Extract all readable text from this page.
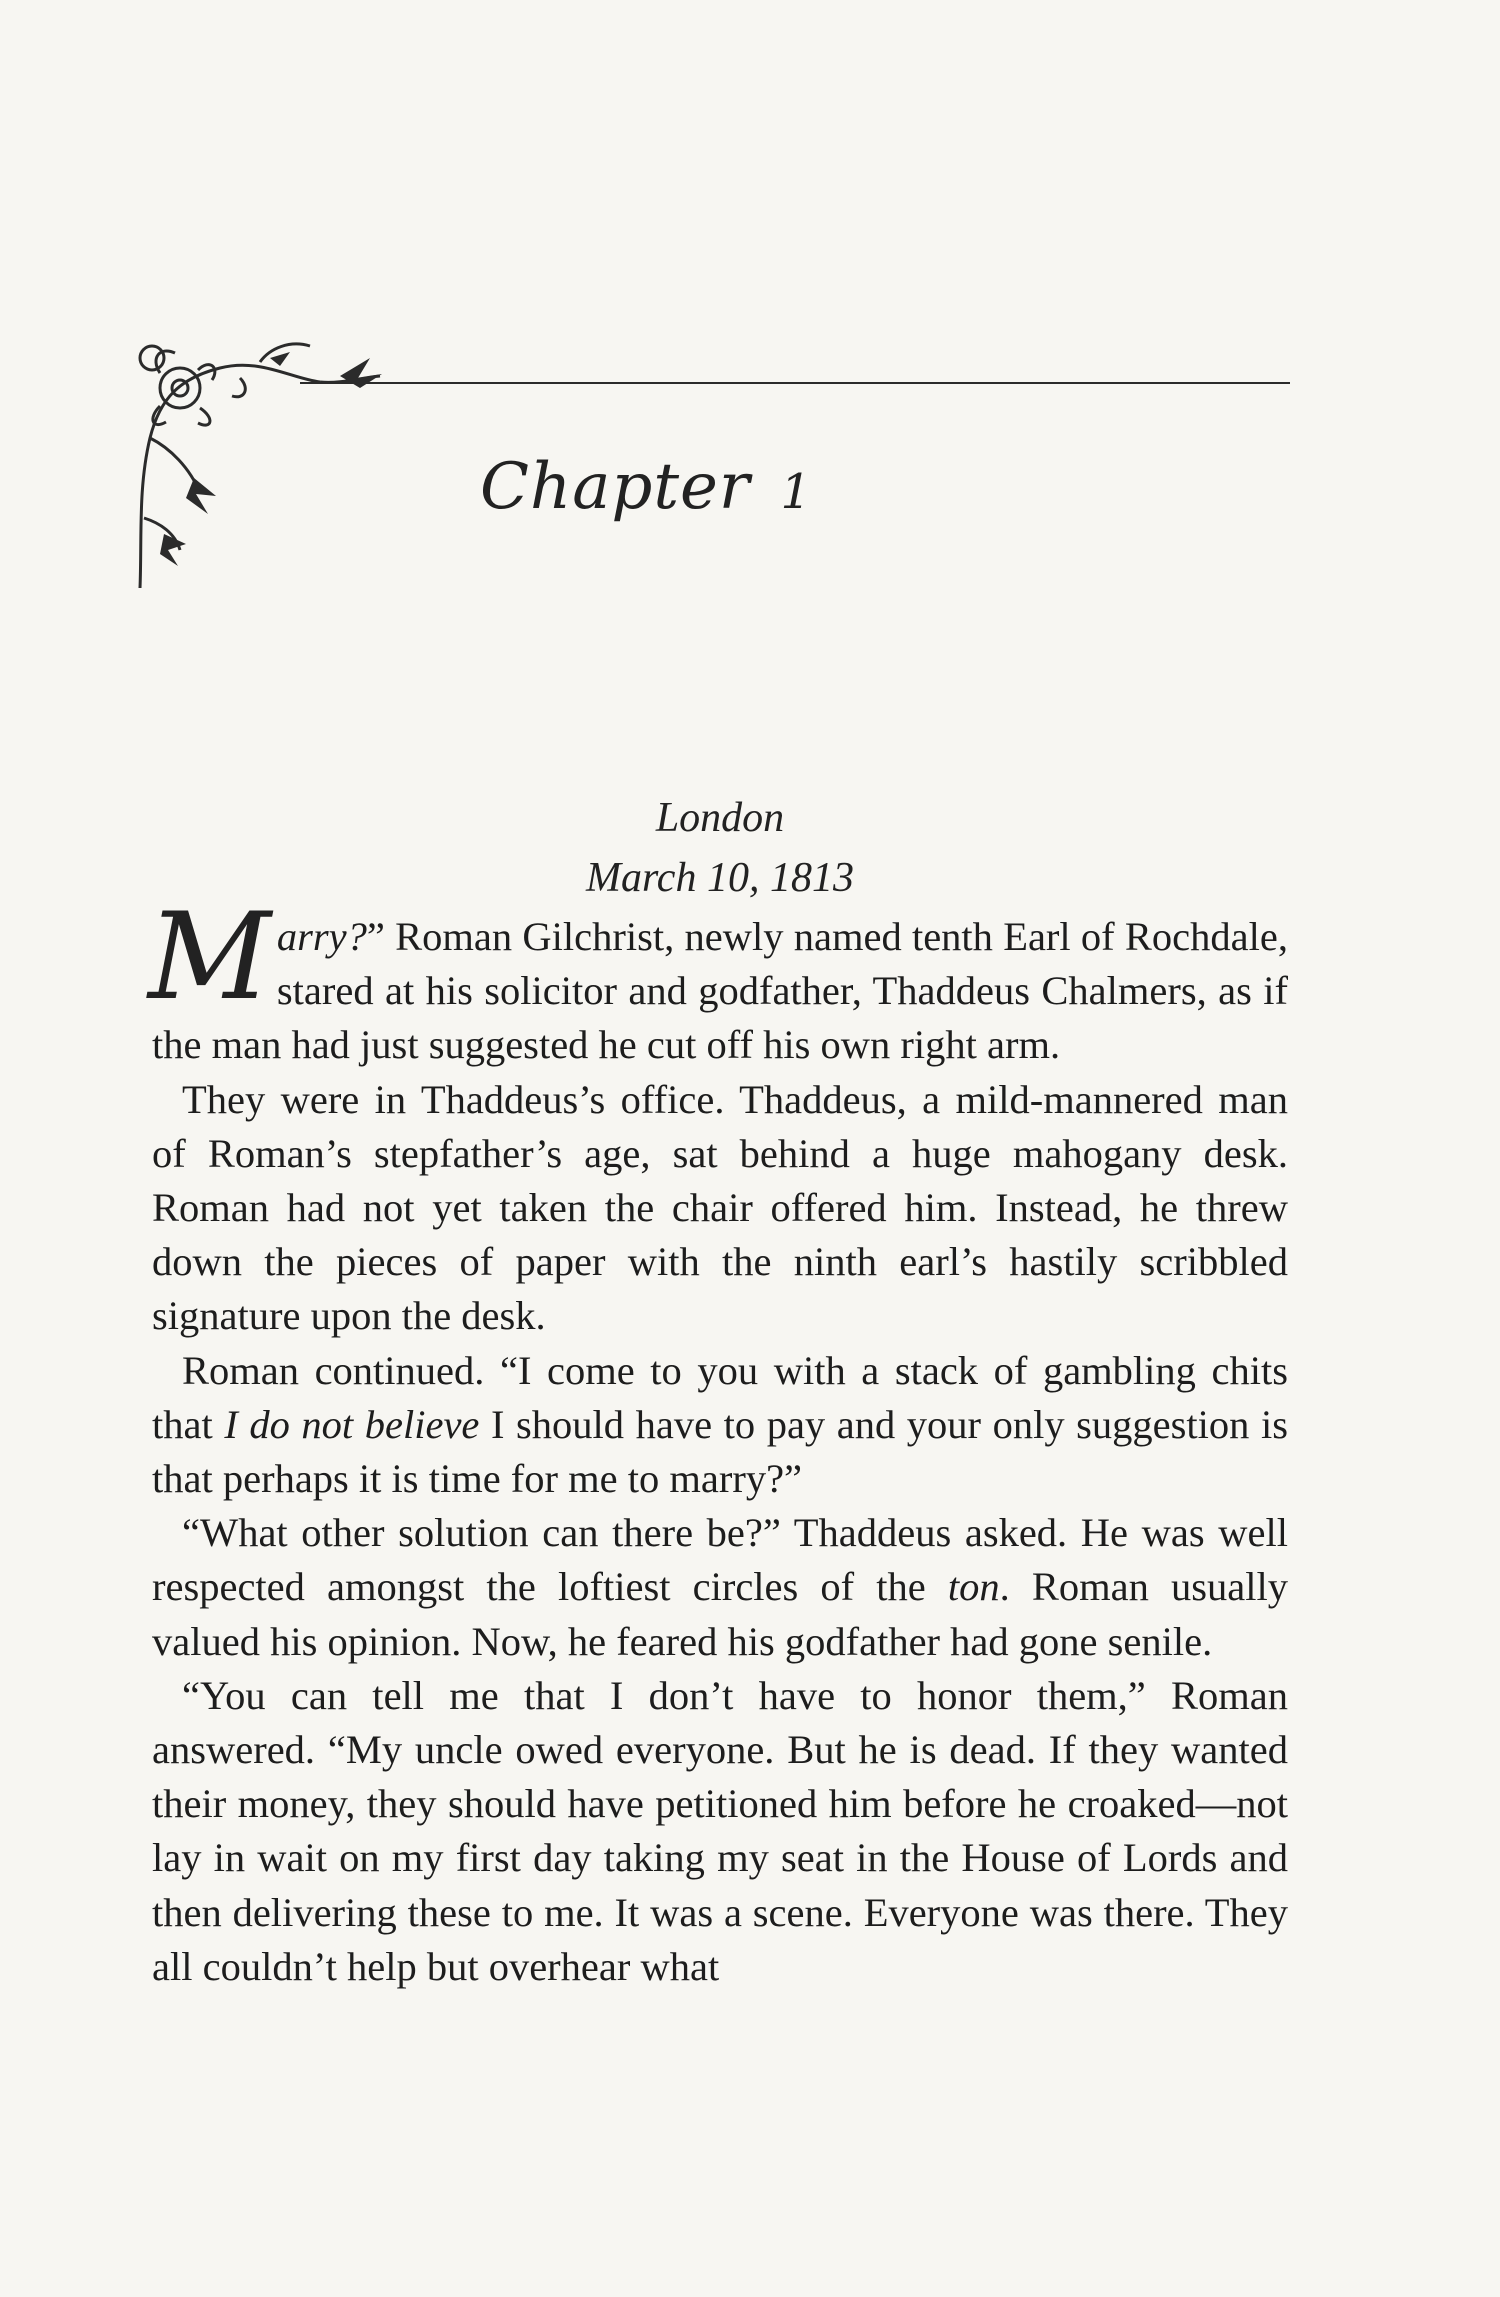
Chapter 1
London
March 10, 1813

Marry?” Roman Gilchrist, newly named tenth Earl of Rochdale, stared at his solicitor and godfather, Thaddeus Chalmers, as if the man had just suggested he cut off his own right arm.

They were in Thaddeus’s office. Thaddeus, a mild-mannered man of Roman’s stepfather’s age, sat behind a huge mahogany desk. Roman had not yet taken the chair offered him. Instead, he threw down the pieces of paper with the ninth earl’s hastily scribbled signature upon the desk.

Roman continued. “I come to you with a stack of gambling chits that I do not believe I should have to pay and your only suggestion is that perhaps it is time for me to marry?”

“What other solution can there be?” Thaddeus asked. He was well respected amongst the loftiest circles of the ton. Roman usually valued his opinion. Now, he feared his godfather had gone senile.

“You can tell me that I don’t have to honor them,” Roman answered. “My uncle owed everyone. But he is dead. If they wanted their money, they should have petitioned him before he croaked—not lay in wait on my first day taking my seat in the House of Lords and then delivering these to me. It was a scene. Everyone was there. They all couldn’t help but overhear what
